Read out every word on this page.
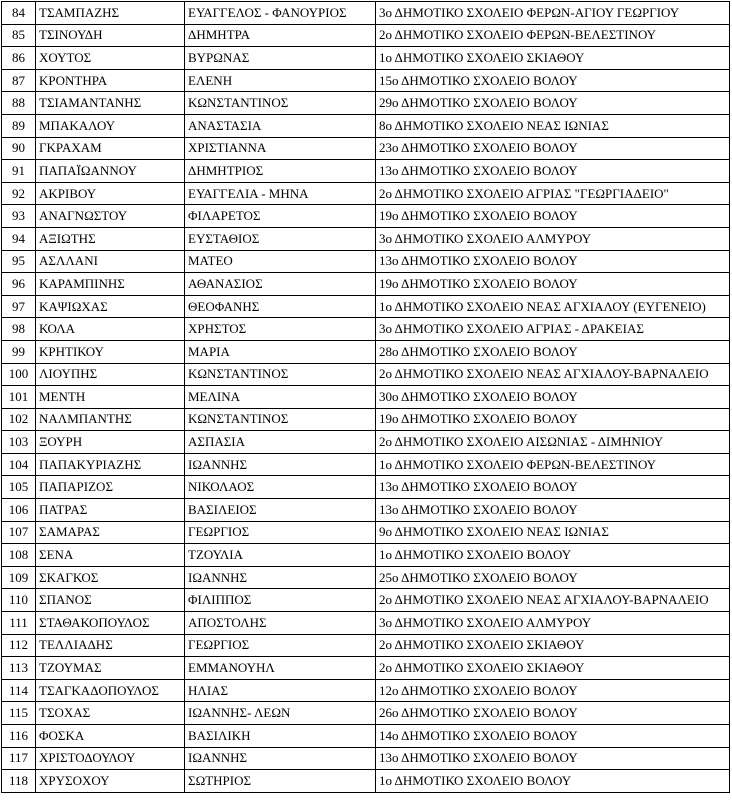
84	ΤΣΑΜΠΑΖΗΣ	ΕΥΑΓΓΕΛΟΣ - ΦΑΝΟΥΡΙΟΣ	3ο ΔΗΜΟΤΙΚΟ ΣΧΟΛΕΙΟ ΦΕΡΩΝ-ΑΓΙΟΥ ΓΕΩΡΓΙΟΥ
85	ΤΣΙΝΟΥΔΗ	ΔΗΜΗΤΡΑ	2ο ΔΗΜΟΤΙΚΟ ΣΧΟΛΕΙΟ ΦΕΡΩΝ-ΒΕΛΕΣΤΙΝΟΥ
86	ΧΟΥΤΟΣ	ΒΥΡΩΝΑΣ	1ο ΔΗΜΟΤΙΚΟ ΣΧΟΛΕΙΟ ΣΚΙΑΘΟΥ
87	ΚΡΟΝΤΗΡΑ	ΕΛΕΝΗ	15ο ΔΗΜΟΤΙΚΟ ΣΧΟΛΕΙΟ ΒΟΛΟΥ
88	ΤΣΙΑΜΑΝΤΑΝΗΣ	ΚΩΝΣΤΑΝΤΙΝΟΣ	29ο ΔΗΜΟΤΙΚΟ ΣΧΟΛΕΙΟ ΒΟΛΟΥ
89	ΜΠΑΚΑΛΟΥ	ΑΝΑΣΤΑΣΙΑ	8ο ΔΗΜΟΤΙΚΟ ΣΧΟΛΕΙΟ ΝΕΑΣ ΙΩΝΙΑΣ
90	ΓΚΡΑΧΑΜ	ΧΡΙΣΤΙΑΝΝΑ	23ο ΔΗΜΟΤΙΚΟ ΣΧΟΛΕΙΟ ΒΟΛΟΥ
91	ΠΑΠΑΪΩΑΝΝΟΥ	ΔΗΜΗΤΡΙΟΣ	13ο ΔΗΜΟΤΙΚΟ ΣΧΟΛΕΙΟ ΒΟΛΟΥ
92	ΑΚΡΙΒΟΥ	ΕΥΑΓΓΕΛΙΑ - ΜΗΝΑ	2ο ΔΗΜΟΤΙΚΟ ΣΧΟΛΕΙΟ ΑΓΡΙΑΣ "ΓΕΩΡΓΙΑΔΕΙΟ"
93	ΑΝΑΓΝΩΣΤΟΥ	ΦΙΛΑΡΕΤΟΣ	19ο ΔΗΜΟΤΙΚΟ ΣΧΟΛΕΙΟ ΒΟΛΟΥ
94	ΑΞΙΩΤΗΣ	ΕΥΣΤΑΘΙΟΣ	3ο ΔΗΜΟΤΙΚΟ ΣΧΟΛΕΙΟ ΑΛΜΥΡΟΥ
95	ΑΣΛΛΑΝΙ	ΜΑΤΕΟ	13ο ΔΗΜΟΤΙΚΟ ΣΧΟΛΕΙΟ ΒΟΛΟΥ
96	ΚΑΡΑΜΠΙΝΗΣ	ΑΘΑΝΑΣΙΟΣ	19ο ΔΗΜΟΤΙΚΟ ΣΧΟΛΕΙΟ ΒΟΛΟΥ
97	ΚΑΨΙΩΧΑΣ	ΘΕΟΦΑΝΗΣ	1ο ΔΗΜΟΤΙΚΟ ΣΧΟΛΕΙΟ ΝΕΑΣ ΑΓΧΙΑΛΟΥ (ΕΥΓΕΝΕΙΟ)
98	ΚΟΛΑ	ΧΡΗΣΤΟΣ	3ο ΔΗΜΟΤΙΚΟ ΣΧΟΛΕΙΟ ΑΓΡΙΑΣ - ΔΡΑΚΕΙΑΣ
99	ΚΡΗΤΙΚΟΥ	ΜΑΡΙΑ	28ο ΔΗΜΟΤΙΚΟ ΣΧΟΛΕΙΟ ΒΟΛΟΥ
100	ΛΙΟΥΠΗΣ	ΚΩΝΣΤΑΝΤΙΝΟΣ	2ο ΔΗΜΟΤΙΚΟ ΣΧΟΛΕΙΟ ΝΕΑΣ ΑΓΧΙΑΛΟΥ-ΒΑΡΝΑΛΕΙΟ
101	ΜΕΝΤΗ	ΜΕΛΙΝΑ	30ο ΔΗΜΟΤΙΚΟ ΣΧΟΛΕΙΟ ΒΟΛΟΥ
102	ΝΑΛΜΠΑΝΤΗΣ	ΚΩΝΣΤΑΝΤΙΝΟΣ	19ο ΔΗΜΟΤΙΚΟ ΣΧΟΛΕΙΟ ΒΟΛΟΥ
103	ΞΟΥΡΗ	ΑΣΠΑΣΙΑ	2ο ΔΗΜΟΤΙΚΟ ΣΧΟΛΕΙΟ ΑΙΣΩΝΙΑΣ - ΔΙΜΗΝΙΟΥ
104	ΠΑΠΑΚΥΡΙΑΖΗΣ	ΙΩΑΝΝΗΣ	1ο ΔΗΜΟΤΙΚΟ ΣΧΟΛΕΙΟ ΦΕΡΩΝ-ΒΕΛΕΣΤΙΝΟΥ
105	ΠΑΠΑΡΙΖΟΣ	ΝΙΚΟΛΑΟΣ	13ο ΔΗΜΟΤΙΚΟ ΣΧΟΛΕΙΟ ΒΟΛΟΥ
106	ΠΑΤΡΑΣ	ΒΑΣΙΛΕΙΟΣ	13ο ΔΗΜΟΤΙΚΟ ΣΧΟΛΕΙΟ ΒΟΛΟΥ
107	ΣΑΜΑΡΑΣ	ΓΕΩΡΓΙΟΣ	9ο ΔΗΜΟΤΙΚΟ ΣΧΟΛΕΙΟ ΝΕΑΣ ΙΩΝΙΑΣ
108	ΣΕΝΑ	ΤΖΟΥΛΙΑ	1ο ΔΗΜΟΤΙΚΟ ΣΧΟΛΕΙΟ ΒΟΛΟΥ
109	ΣΚΑΓΚΟΣ	ΙΩΑΝΝΗΣ	25ο ΔΗΜΟΤΙΚΟ ΣΧΟΛΕΙΟ ΒΟΛΟΥ
110	ΣΠΑΝΟΣ	ΦΙΛΙΠΠΟΣ	2ο ΔΗΜΟΤΙΚΟ ΣΧΟΛΕΙΟ ΝΕΑΣ ΑΓΧΙΑΛΟΥ-ΒΑΡΝΑΛΕΙΟ
111	ΣΤΑΘΑΚΟΠΟΥΛΟΣ	ΑΠΟΣΤΟΛΗΣ	3ο ΔΗΜΟΤΙΚΟ ΣΧΟΛΕΙΟ ΑΛΜΥΡΟΥ
112	ΤΕΛΛΙΑΔΗΣ	ΓΕΩΡΓΙΟΣ	2ο ΔΗΜΟΤΙΚΟ ΣΧΟΛΕΙΟ ΣΚΙΑΘΟΥ
113	ΤΖΟΥΜΑΣ	ΕΜΜΑΝΟΥΗΛ	2ο ΔΗΜΟΤΙΚΟ ΣΧΟΛΕΙΟ ΣΚΙΑΘΟΥ
114	ΤΣΑΓΚΑΔΟΠΟΥΛΟΣ	ΗΛΙΑΣ	12ο ΔΗΜΟΤΙΚΟ ΣΧΟΛΕΙΟ ΒΟΛΟΥ
115	ΤΣΟΧΑΣ	ΙΩΑΝΝΗΣ- ΛΕΩΝ	26ο ΔΗΜΟΤΙΚΟ ΣΧΟΛΕΙΟ ΒΟΛΟΥ
116	ΦΟΣΚΑ	ΒΑΣΙΛΙΚΗ	14ο ΔΗΜΟΤΙΚΟ ΣΧΟΛΕΙΟ ΒΟΛΟΥ
117	ΧΡΙΣΤΟΔΟΥΛΟΥ	ΙΩΑΝΝΗΣ	13ο ΔΗΜΟΤΙΚΟ ΣΧΟΛΕΙΟ ΒΟΛΟΥ
118	ΧΡΥΣΟΧΟΥ	ΣΩΤΗΡΙΟΣ	1ο ΔΗΜΟΤΙΚΟ ΣΧΟΛΕΙΟ ΒΟΛΟΥ
